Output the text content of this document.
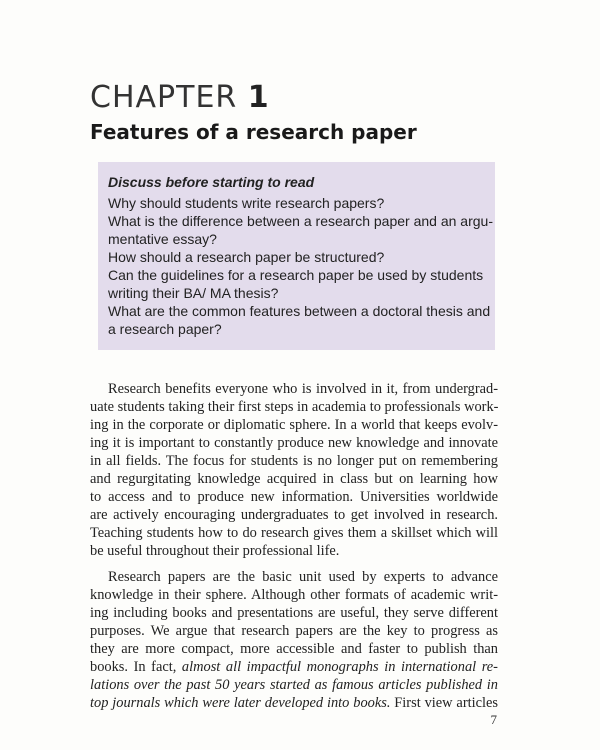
CHAPTER 1
Features of a research paper

Discuss before starting to read

Why should students write research papers?

What is the difference between a research paper and an argu-
mentative essay?

How should a research paper be structured?

Can the guidelines for a research paper be used by students
writing their BA/ MA thesis?

What are the common features between a doctoral thesis and
a research paper?

Research benefits everyone who is involved in it, from undergrad-
uate students taking their first steps in academia to professionals work-
ing in the corporate or diplomatic sphere. In a world that keeps evolv-
ing it is important to constantly produce new knowledge and innovate
in all fields. The focus for students is no longer put on remembering
and regurgitating knowledge acquired in class but on learning how
to access and to produce new information. Universities worldwide
are actively encouraging undergraduates to get involved in research.
Teaching students how to do research gives them a skillset which will
be useful throughout their professional life.
Research papers are the basic unit used by experts to advance
knowledge in their sphere. Although other formats of academic writ-
ing including books and presentations are useful, they serve different
purposes. We argue that research papers are the key to progress as
they are more compact, more accessible and faster to publish than
books. In fact, almost all impactful monographs in international re-
lations over the past 50 years started as famous articles published in
top journals which were later developed into books. First view articles
7
